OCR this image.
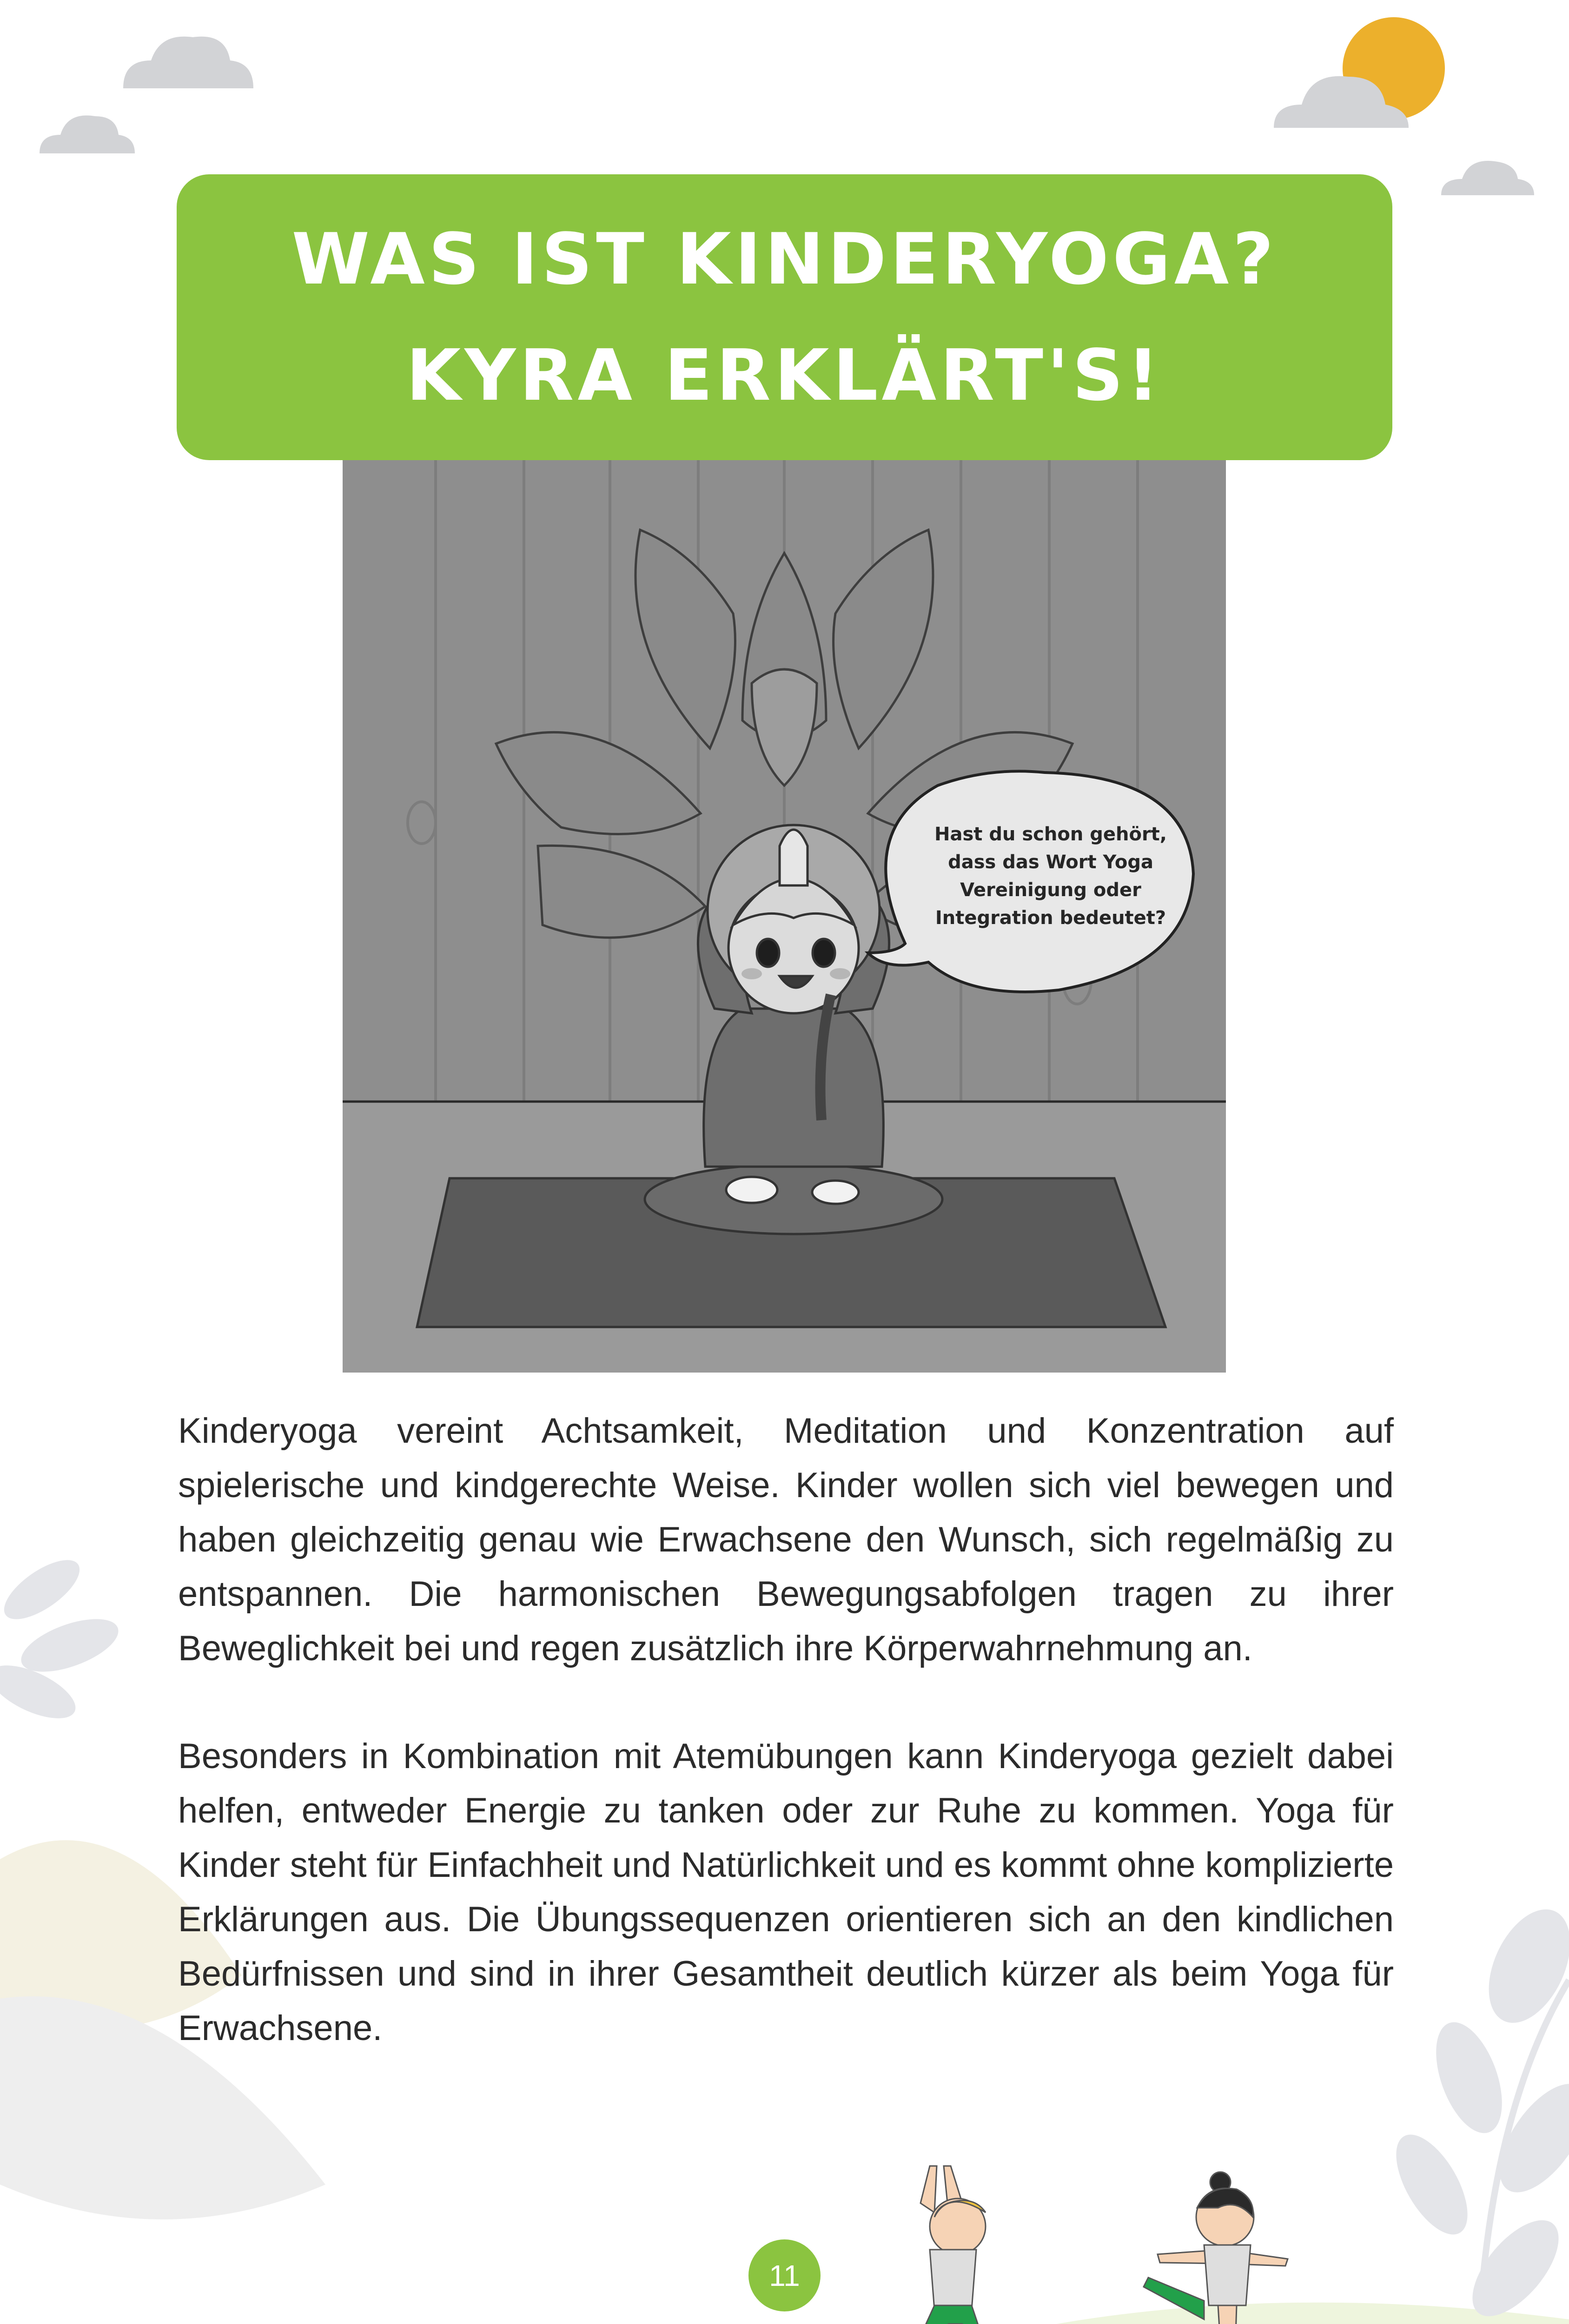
WAS IST KINDERYOGA? KYRA ERKLÄRT'S!
Hast du schon gehört,
dass das Wort Yoga
Vereinigung oder
Integration bedeutet?

Kinderyoga vereint Achtsamkeit, Meditation und Konzentration auf spielerische und kindgerechte Weise. Kinder wollen sich viel bewegen und haben gleichzeitig genau wie Erwachsene den Wunsch, sich regelmäßig zu entspannen. Die harmonischen Bewegungsabfolgen tragen zu ihrer Beweglichkeit bei und regen zusätzlich ihre Körperwahrnehmung an.

Besonders in Kombination mit Atemübungen kann Kinderyoga gezielt dabei helfen, entweder Energie zu tanken oder zur Ruhe zu kommen. Yoga für Kinder steht für Einfachheit und Natürlichkeit und es kommt ohne komplizierte Erklärungen aus. Die Übungssequenzen orientieren sich an den kindlichen Bedürfnissen und sind in ihrer Gesamtheit deutlich kürzer als beim Yoga für Erwachsene.

11
